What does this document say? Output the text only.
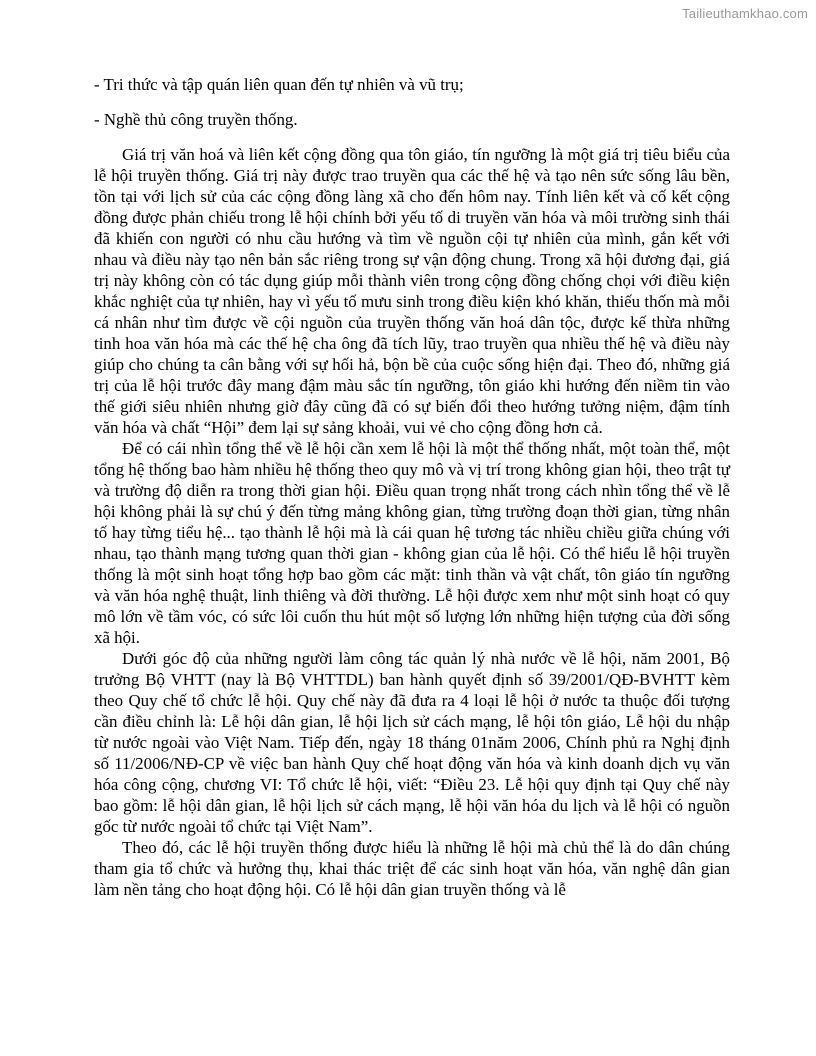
Tailieuthamkhao.com

- Tri thức và tập quán liên quan đến tự nhiên và vũ trụ;

- Nghề thủ công truyền thống.

Giá trị văn hoá và liên kết cộng đồng qua tôn giáo, tín ngưỡng là một giá trị tiêu biểu của lễ hội truyền thống. Giá trị này được trao truyền qua các thế hệ và tạo nên sức sống lâu bền, tồn tại với lịch sử của các cộng đồng làng xã cho đến hôm nay. Tính liên kết và cố kết cộng đồng được phản chiếu trong lễ hội chính bởi yếu tố di truyền văn hóa và môi trường sinh thái đã khiến con người có nhu cầu hướng và tìm về nguồn cội tự nhiên của mình, gắn kết với nhau và điều này tạo nên bản sắc riêng trong sự vận động chung. Trong xã hội đương đại, giá trị này không còn có tác dụng giúp mỗi thành viên trong cộng đồng chống chọi với điều kiện khắc nghiệt của tự nhiên, hay vì yếu tố mưu sinh trong điều kiện khó khăn, thiếu thốn mà mỗi cá nhân như tìm được về cội nguồn của truyền thống văn hoá dân tộc, được kế thừa những tinh hoa văn hóa mà các thế hệ cha ông đã tích lũy, trao truyền qua nhiều thế hệ và điều này giúp cho chúng ta cân bằng với sự hối hả, bộn bề của cuộc sống hiện đại. Theo đó, những giá trị của lễ hội trước đây mang đậm màu sắc tín ngưỡng, tôn giáo khi hướng đến niềm tin vào thế giới siêu nhiên nhưng giờ đây cũng đã có sự biến đổi theo hướng tưởng niệm, đậm tính văn hóa và chất “Hội” đem lại sự sảng khoải, vui vẻ cho cộng đồng hơn cả.

Để có cái nhìn tổng thể về lễ hội cần xem lễ hội là một thể thống nhất, một toàn thể, một tổng hệ thống bao hàm nhiều hệ thống theo quy mô và vị trí trong không gian hội, theo trật tự và trường độ diễn ra trong thời gian hội. Điều quan trọng nhất trong cách nhìn tổng thể về lễ hội không phải là sự chú ý đến từng mảng không gian, từng trường đoạn thời gian, từng nhân tố hay từng tiểu hệ... tạo thành lễ hội mà là cái quan hệ tương tác nhiều chiều giữa chúng với nhau, tạo thành mạng tương quan thời gian - không gian của lễ hội. Có thể hiểu lễ hội truyền thống là một sinh hoạt tổng hợp bao gồm các mặt: tinh thần và vật chất, tôn giáo tín ngưỡng và văn hóa nghệ thuật, linh thiêng và đời thường. Lễ hội được xem như một sinh hoạt có quy mô lớn về tầm vóc, có sức lôi cuốn thu hút một số lượng lớn những hiện tượng của đời sống xã hội.

Dưới góc độ của những người làm công tác quản lý nhà nước về lễ hội, năm 2001, Bộ trưởng Bộ VHTT (nay là Bộ VHTTDL) ban hành quyết định số 39/2001/QĐ-BVHTT kèm theo Quy chế tổ chức lễ hội. Quy chế này đã đưa ra 4 loại lễ hội ở nước ta thuộc đối tượng cần điều chỉnh là: Lễ hội dân gian, lễ hội lịch sử cách mạng, lễ hội tôn giáo, Lễ hội du nhập từ nước ngoài vào Việt Nam. Tiếp đến, ngày 18 tháng 01năm 2006, Chính phủ ra Nghị định số 11/2006/NĐ-CP về việc ban hành Quy chế hoạt động văn hóa và kinh doanh dịch vụ văn hóa công cộng, chương VI: Tổ chức lễ hội, viết: “Điều 23. Lễ hội quy định tại Quy chế này bao gồm: lễ hội dân gian, lễ hội lịch sử cách mạng, lễ hội văn hóa du lịch và lễ hội có nguồn gốc từ nước ngoài tổ chức tại Việt Nam”.

Theo đó, các lễ hội truyền thống được hiểu là những lễ hội mà chủ thể là do dân chúng tham gia tổ chức và hưởng thụ, khai thác triệt để các sinh hoạt văn hóa, văn nghệ dân gian làm nền tảng cho hoạt động hội. Có lễ hội dân gian truyền thống và lễ
